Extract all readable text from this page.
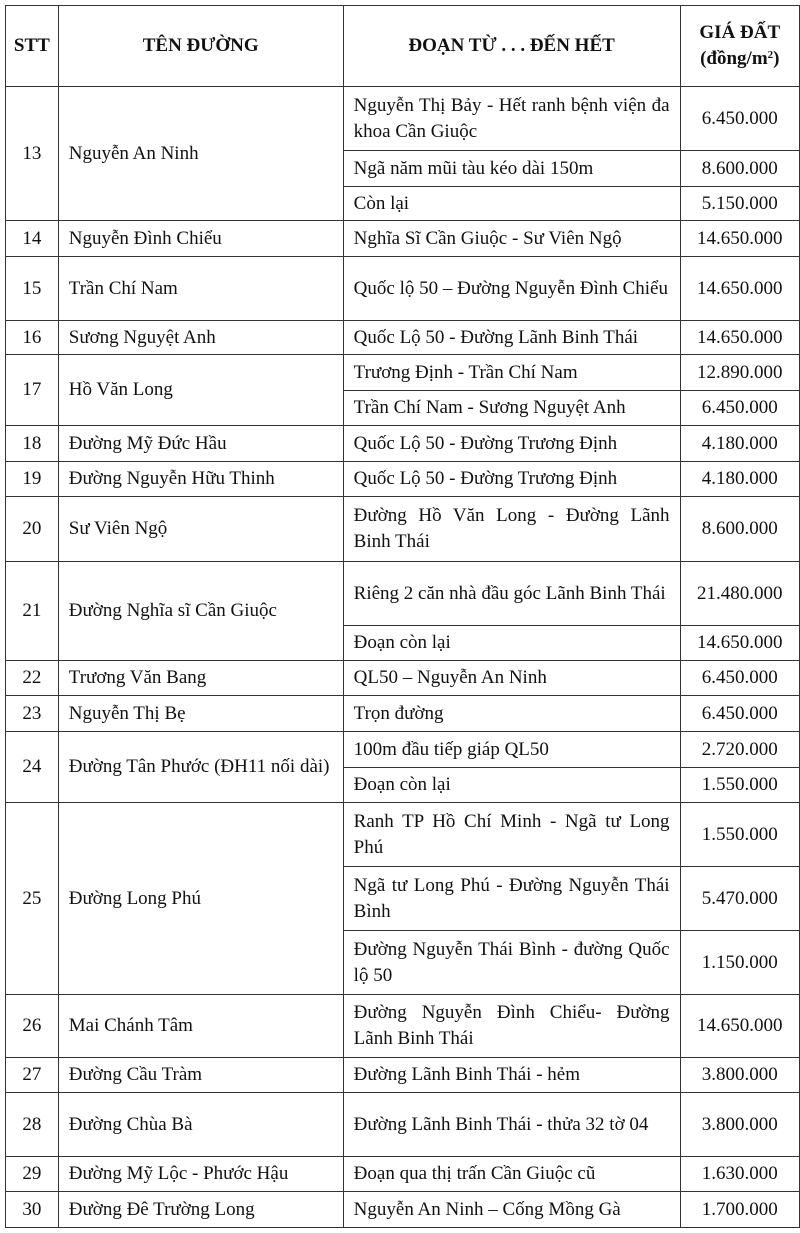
STT	TÊN ĐƯỜNG	ĐOẠN TỪ . . . ĐẾN HẾT	GIÁ ĐẤT
$(đồng/m^2)$
13	Nguyễn An Ninh	Nguyễn Thị Bảy - Hết ranh bệnh viện đa khoa Cần Giuộc	6.450.000
		Ngã năm mũi tàu kéo dài 150m	8.600.000
		Còn lại	5.150.000
14	Nguyễn Đình Chiểu	Nghĩa Sĩ Cần Giuộc - Sư Viên Ngộ	14.650.000
15	Trần Chí Nam	Quốc lộ 50 – Đường Nguyễn Đình Chiểu	14.650.000
16	Sương Nguyệt Anh	Quốc Lộ 50 - Đường Lãnh Binh Thái	14.650.000
17	Hồ Văn Long	Trương Định - Trần Chí Nam	12.890.000
		Trần Chí Nam - Sương Nguyệt Anh	6.450.000
18	Đường Mỹ Đức Hầu	Quốc Lộ 50 - Đường Trương Định	4.180.000
19	Đường Nguyễn Hữu Thinh	Quốc Lộ 50 - Đường Trương Định	4.180.000
20	Sư Viên Ngộ	Đường Hồ Văn Long - Đường Lãnh Binh Thái	8.600.000
21	Đường Nghĩa sĩ Cần Giuộc	Riêng 2 căn nhà đầu góc Lãnh Binh Thái	21.480.000
		Đoạn còn lại	14.650.000
22	Trương Văn Bang	QL50 – Nguyễn An Ninh	6.450.000
23	Nguyễn Thị Bẹ	Trọn đường	6.450.000
24	Đường Tân Phước (ĐH11 nối dài)	100m đầu tiếp giáp QL50	2.720.000
		Đoạn còn lại	1.550.000
25	Đường Long Phú	Ranh TP Hồ Chí Minh - Ngã tư Long Phú	1.550.000
		Ngã tư Long Phú - Đường Nguyễn Thái Bình	5.470.000
		Đường Nguyễn Thái Bình - đường Quốc lộ 50	1.150.000
26	Mai Chánh Tâm	Đường Nguyễn Đình Chiểu- Đường Lãnh Binh Thái	14.650.000
27	Đường Cầu Tràm	Đường Lãnh Binh Thái - hẻm	3.800.000
28	Đường Chùa Bà	Đường Lãnh Binh Thái - thửa 32 tờ 04	3.800.000
29	Đường Mỹ Lộc - Phước Hậu	Đoạn qua thị trấn Cần Giuộc cũ	1.630.000
30	Đường Đê Trường Long	Nguyễn An Ninh – Cống Mồng Gà	1.700.000
